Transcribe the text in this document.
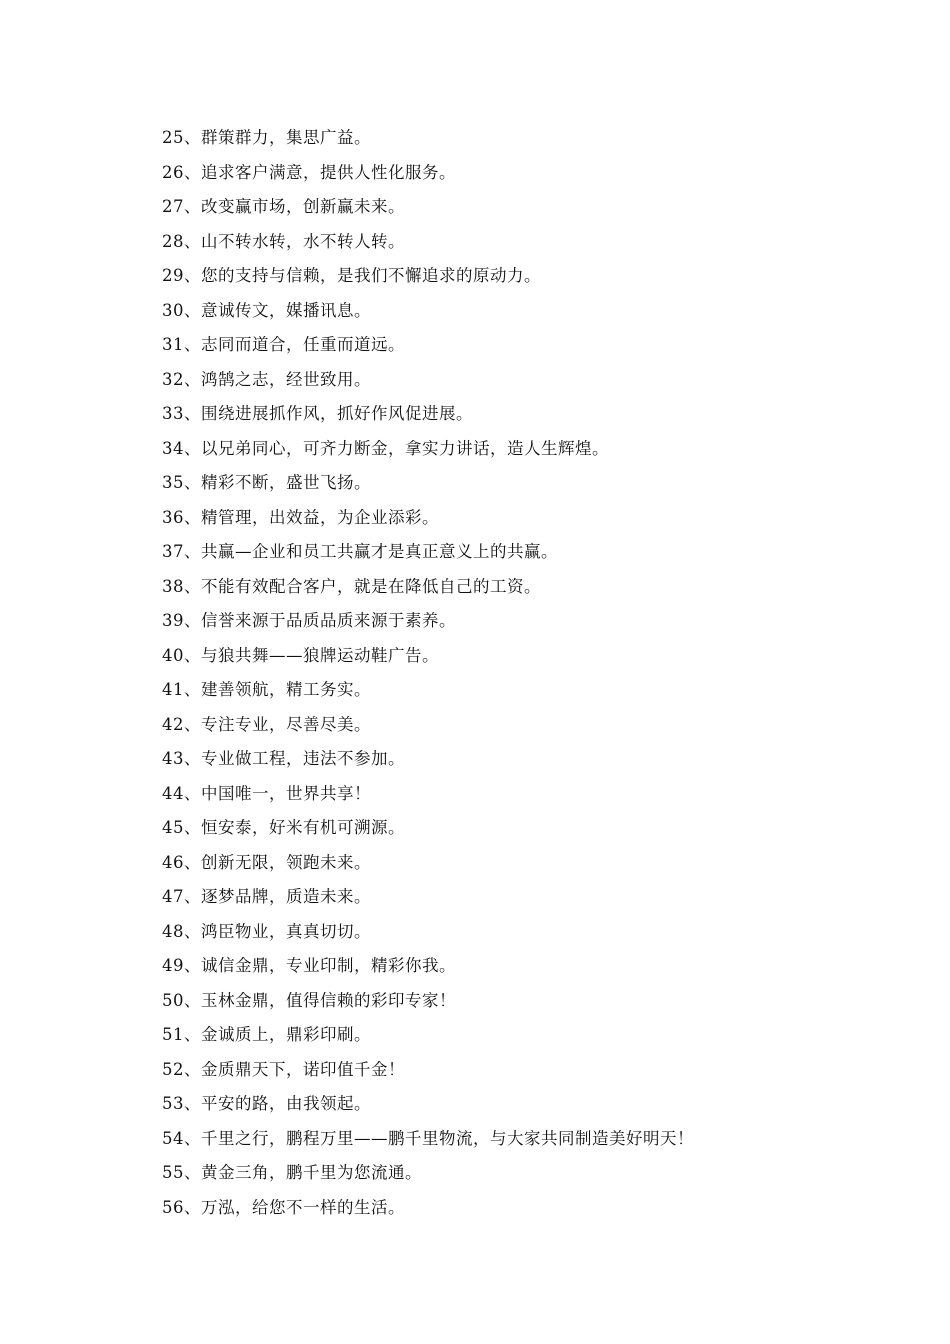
25、群策群力，集思广益。
26、追求客户满意，提供人性化服务。
27、改变赢市场，创新赢未来。
28、山不转水转，水不转人转。
29、您的支持与信赖，是我们不懈追求的原动力。
30、意诚传文，媒播讯息。
31、志同而道合，任重而道远。
32、鸿鹄之志，经世致用。
33、围绕进展抓作风，抓好作风促进展。
34、以兄弟同心，可齐力断金，拿实力讲话，造人生辉煌。
35、精彩不断，盛世飞扬。
36、精管理，出效益，为企业添彩。
37、共赢—企业和员工共赢才是真正意义上的共赢。
38、不能有效配合客户，就是在降低自己的工资。
39、信誉来源于品质品质来源于素养。
40、与狼共舞——狼牌运动鞋广告。
41、建善领航，精工务实。
42、专注专业，尽善尽美。
43、专业做工程，违法不参加。
44、中国唯一，世界共享！
45、恒安泰，好米有机可溯源。
46、创新无限，领跑未来。
47、逐梦品牌，质造未来。
48、鸿臣物业，真真切切。
49、诚信金鼎，专业印制，精彩你我。
50、玉林金鼎，值得信赖的彩印专家！
51、金诚质上，鼎彩印刷。
52、金质鼎天下，诺印值千金！
53、平安的路，由我领起。
54、千里之行，鹏程万里——鹏千里物流，与大家共同制造美好明天！
55、黄金三角，鹏千里为您流通。
56、万泓，给您不一样的生活。
